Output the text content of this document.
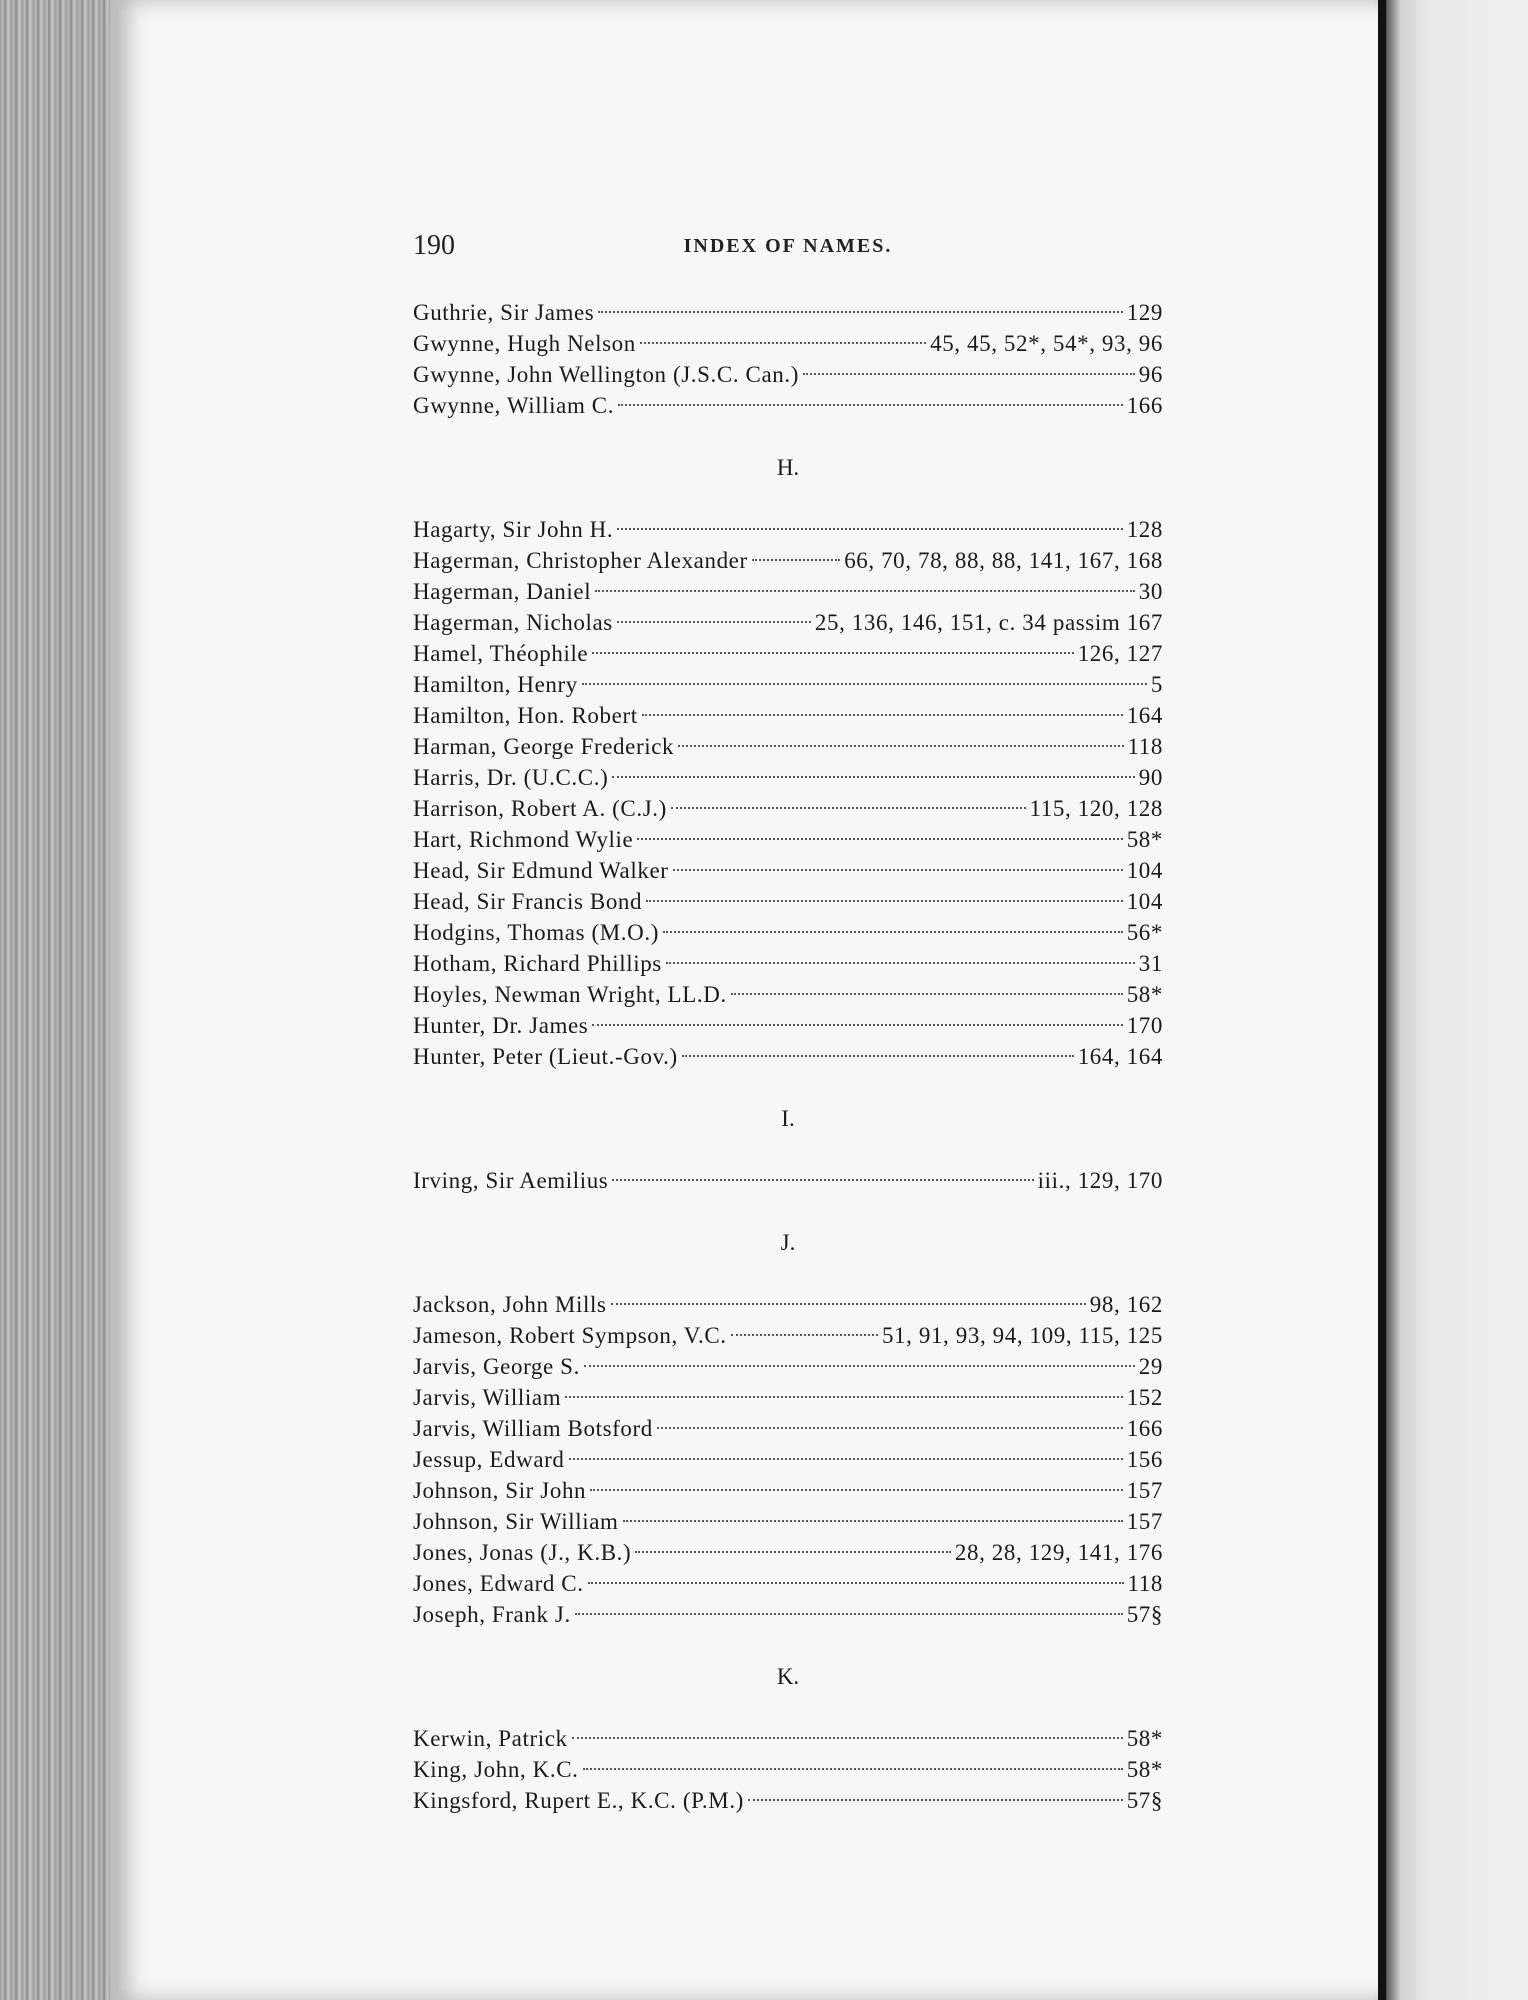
190	INDEX OF NAMES.
Guthrie, Sir James	129
Gwynne, Hugh Nelson	45, 45, 52*, 54*, 93, 96
Gwynne, John Wellington (J.S.C. Can.)	96
Gwynne, William C.	166
H.
Hagarty, Sir John H.	128
Hagerman, Christopher Alexander	66, 70, 78, 88, 88, 141, 167, 168
Hagerman, Daniel	30
Hagerman, Nicholas	25, 136, 146, 151, c. 34 passim 167
Hamel, Théophile	126, 127
Hamilton, Henry	5
Hamilton, Hon. Robert	164
Harman, George Frederick	118
Harris, Dr. (U.C.C.)	90
Harrison, Robert A. (C.J.)	115, 120, 128
Hart, Richmond Wylie	58*
Head, Sir Edmund Walker	104
Head, Sir Francis Bond	104
Hodgins, Thomas (M.O.)	56*
Hotham, Richard Phillips	31
Hoyles, Newman Wright, LL.D.	58*
Hunter, Dr. James	170
Hunter, Peter (Lieut.-Gov.)	164, 164
I.
Irving, Sir Aemilius	iii., 129, 170
J.
Jackson, John Mills	98, 162
Jameson, Robert Sympson, V.C.	51, 91, 93, 94, 109, 115, 125
Jarvis, George S.	29
Jarvis, William	152
Jarvis, William Botsford	166
Jessup, Edward	156
Johnson, Sir John	157
Johnson, Sir William	157
Jones, Jonas (J., K.B.)	28, 28, 129, 141, 176
Jones, Edward C.	118
Joseph, Frank J.	57§
K.
Kerwin, Patrick	58*
King, John, K.C.	58*
Kingsford, Rupert E., K.C. (P.M.)	57§
